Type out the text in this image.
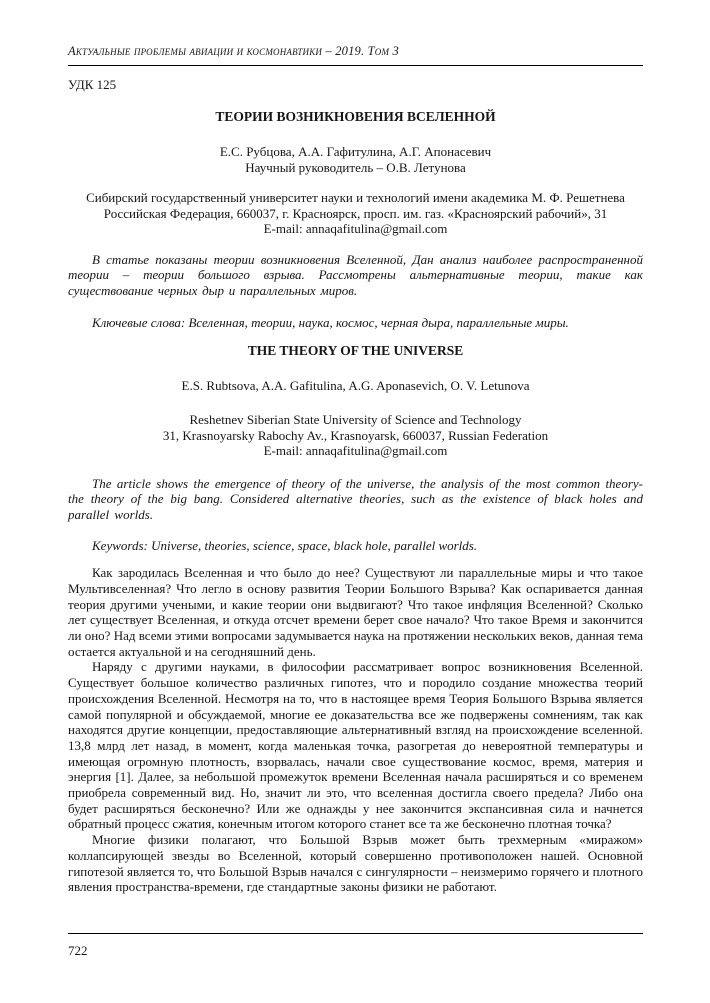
Актуальные проблемы авиации и космонавтики – 2019. Том 3
УДК 125
ТЕОРИИ ВОЗНИКНОВЕНИЯ ВСЕЛЕННОЙ
Е.С. Рубцова, А.А. Гафитулина, А.Г. Апонасевич
Научный руководитель – О.В. Летунова
Сибирский государственный университет науки и технологий имени академика М. Ф. Решетнева
Российская Федерация, 660037, г. Красноярск, просп. им. газ. «Красноярский рабочий», 31
E-mail: annaqafitulina@gmail.com
В статье показаны теории возникновения Вселенной, Дан анализ наиболее распространенной теории – теории большого взрыва. Рассмотрены альтернативные теории, такие как существование черных дыр и параллельных миров.
Ключевые слова: Вселенная, теории, наука, космос, черная дыра, параллельные миры.
THE THEORY OF THE UNIVERSE
E.S. Rubtsova, A.A. Gafitulina, A.G. Aponasevich, O. V. Letunova
Reshetnev Siberian State University of Science and Technology
31, Krasnoyarsky Rabochy Av., Krasnoyarsk, 660037, Russian Federation
E-mail: annaqafitulina@gmail.com
The article shows the emergence of theory of the universe, the analysis of the most common theory-the theory of the big bang. Considered alternative theories, such as the existence of black holes and parallel worlds.
Keywords: Universe, theories, science, space, black hole, parallel worlds.

Как зародилась Вселенная и что было до нее? Существуют ли параллельные миры и что такое Мультивселенная? Что легло в основу развития Теории Большого Взрыва? Как оспаривается данная теория другими учеными, и какие теории они выдвигают? Что такое инфляция Вселенной? Сколько лет существует Вселенная, и откуда отсчет времени берет свое начало? Что такое Время и закончится ли оно? Над всеми этими вопросами задумывается наука на протяжении нескольких веков, данная тема остается актуальной и на сегодняшний день.

Наряду с другими науками, в философии рассматривает вопрос возникновения Вселенной. Существует большое количество различных гипотез, что и породило создание множества теорий происхождения Вселенной. Несмотря на то, что в настоящее время Теория Большого Взрыва является самой популярной и обсуждаемой, многие ее доказательства все же подвержены сомнениям, так как находятся другие концепции, предоставляющие альтернативный взгляд на происхождение вселенной. 13,8 млрд лет назад, в момент, когда маленькая точка, разогретая до невероятной температуры и имеющая огромную плотность, взорвалась, начали свое существование космос, время, материя и энергия [1]. Далее, за небольшой промежуток времени Вселенная начала расширяться и со временем приобрела современный вид. Но, значит ли это, что вселенная достигла своего предела? Либо она будет расширяться бесконечно? Или же однажды у нее закончится экспансивная сила и начнется обратный процесс сжатия, конечным итогом которого станет все та же бесконечно плотная точка?

Многие физики полагают, что Большой Взрыв может быть трехмерным «миражом» коллапсирующей звезды во Вселенной, который совершенно противоположен нашей. Основной гипотезой является то, что Большой Взрыв начался с сингулярности – неизмеримо горячего и плотного явления пространства-времени, где стандартные законы физики не работают.

722
